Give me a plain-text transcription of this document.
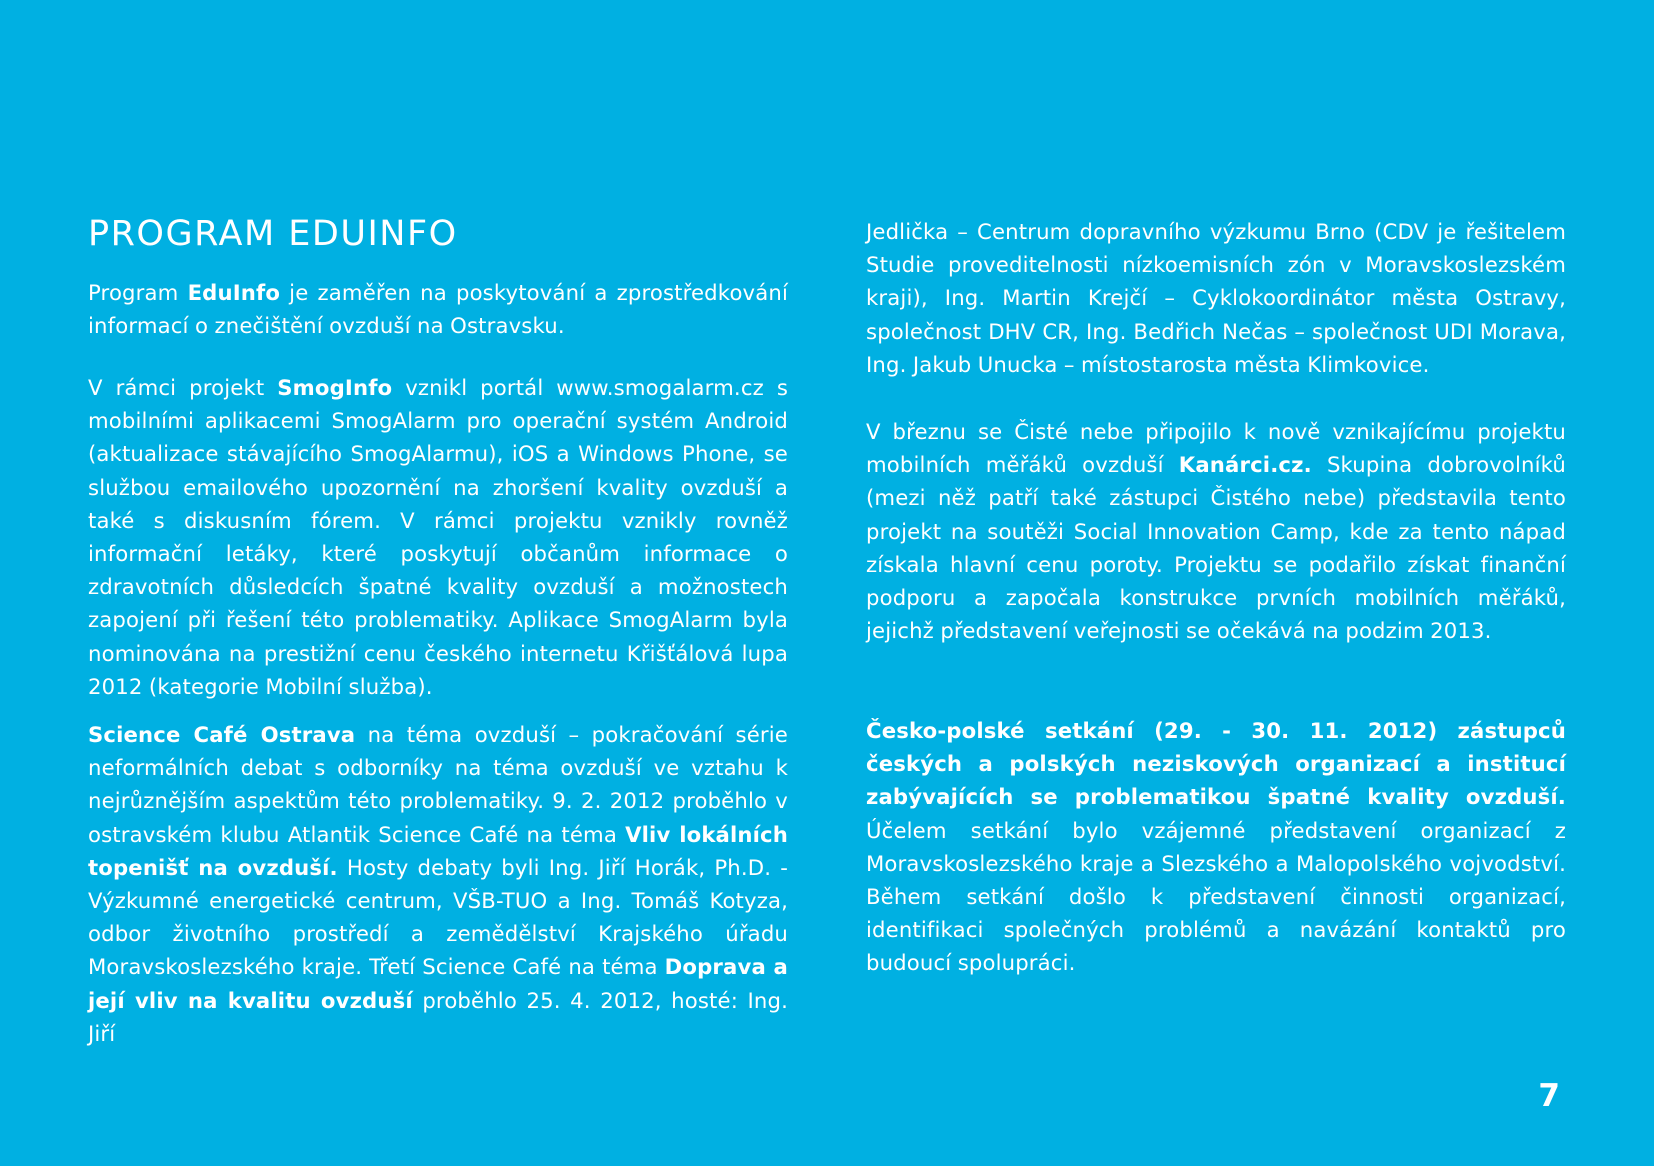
PROGRAM EDUINFO

Program EduInfo je zaměřen na poskytování a zprostředkování informací o znečištění ovzduší na Ostravsku.

V rámci projekt SmogInfo vznikl portál www.smogalarm.cz s mobilními aplikacemi SmogAlarm pro operační systém Android (aktualizace stávajícího SmogAlarmu), iOS a Windows Phone, se službou emailového upozornění na zhoršení kvality ovzduší a také s diskusním fórem. V rámci projektu vznikly rovněž informační letáky, které poskytují občanům informace o zdravotních důsledcích špatné kvality ovzduší a možnostech zapojení při řešení této problematiky. Aplikace SmogAlarm byla nominována na prestižní cenu českého internetu Křišťálová lupa 2012 (kategorie Mobilní služba).

Science Café Ostrava na téma ovzduší – pokračování série neformálních debat s odborníky na téma ovzduší ve vztahu k nejrůznějším aspektům této problematiky. 9. 2. 2012 proběhlo v ostravském klubu Atlantik Science Café na téma Vliv lokálních topenišť na ovzduší. Hosty debaty byli Ing. Jiří Horák, Ph.D. - Výzkumné energetické centrum, VŠB-TUO a Ing. Tomáš Kotyza, odbor životního prostředí a zemědělství Krajského úřadu Moravskoslezského kraje. Třetí Science Café na téma Doprava a její vliv na kvalitu ovzduší proběhlo 25. 4. 2012, hosté: Ing. Jiří

Jedlička – Centrum dopravního výzkumu Brno (CDV je řešitelem Studie proveditelnosti nízkoemisních zón v Moravskoslezském kraji), Ing. Martin Krejčí – Cyklokoordinátor města Ostravy, společnost DHV CR, Ing. Bedřich Nečas – společnost UDI Morava, Ing. Jakub Unucka – místostarosta města Klimkovice.

V březnu se Čisté nebe připojilo k nově vznikajícímu projektu mobilních měřáků ovzduší Kanárci.cz. Skupina dobrovolníků (mezi něž patří také zástupci Čistého nebe) představila tento projekt na soutěži Social Innovation Camp, kde za tento nápad získala hlavní cenu poroty. Projektu se podařilo získat finanční podporu a započala konstrukce prvních mobilních měřáků, jejichž představení veřejnosti se očekává na podzim 2013.

Česko-polské setkání (29. - 30. 11. 2012) zástupců českých a polských neziskových organizací a institucí zabývajících se problematikou špatné kvality ovzduší. Účelem setkání bylo vzájemné představení organizací z Moravskoslezského kraje a Slezského a Malopolského vojvodství. Během setkání došlo k představení činnosti organizací, identifikaci společných problémů a navázání kontaktů pro budoucí spolupráci.

7
